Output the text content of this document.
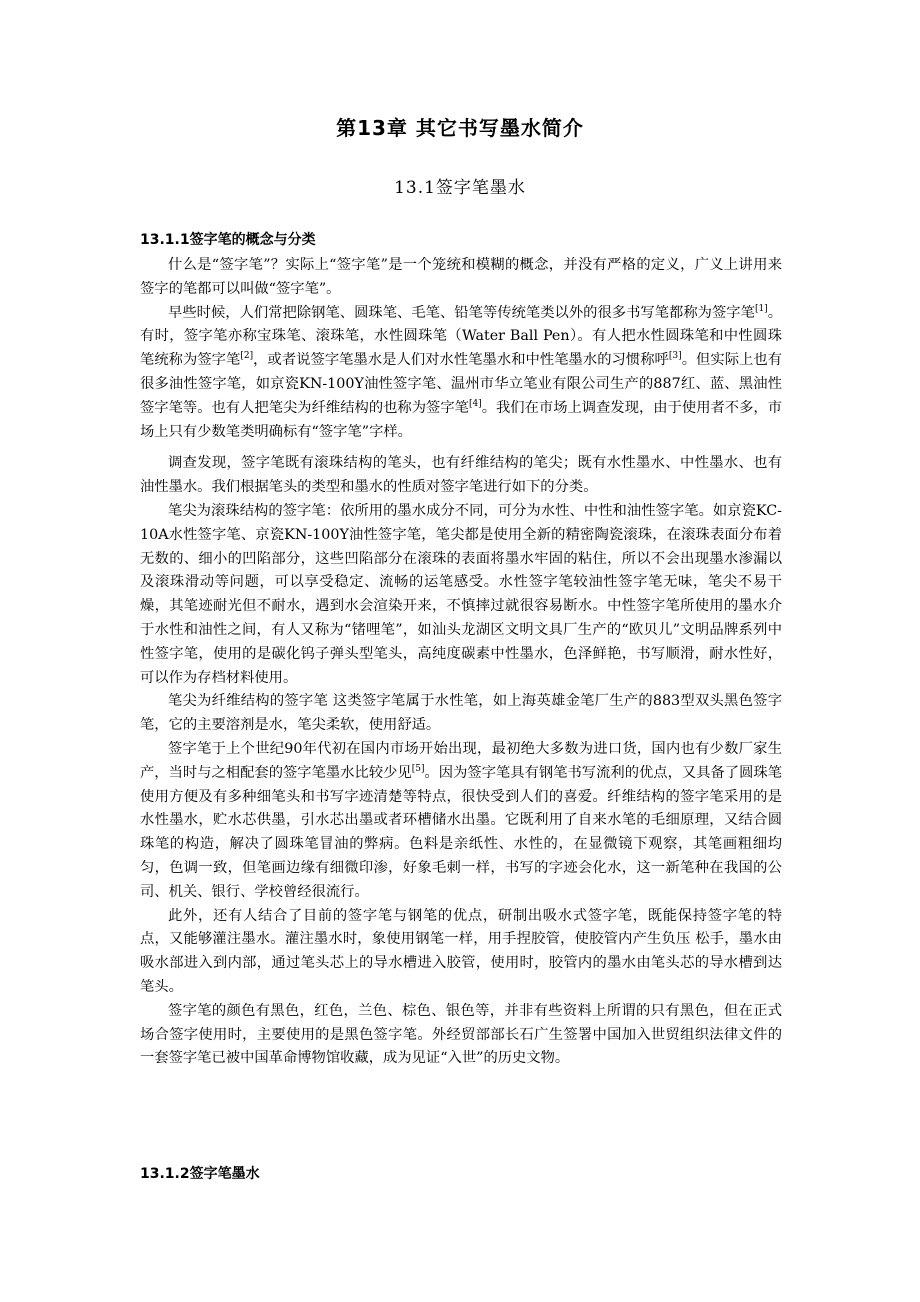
第13章 其它书写墨水简介
13.1签字笔墨水
13.1.1签字笔的概念与分类

什么是“签字笔”？实际上“签字笔”是一个笼统和模糊的概念，并没有严格的定义，广义上讲用来签字的笔都可以叫做“签字笔”。

早些时候，人们常把除钢笔、圆珠笔、毛笔、铅笔等传统笔类以外的很多书写笔都称为签字笔[1]。有时，签字笔亦称宝珠笔、滚珠笔，水性圆珠笔（Water Ball Pen）。有人把水性圆珠笔和中性圆珠笔统称为签字笔[2]，或者说签字笔墨水是人们对水性笔墨水和中性笔墨水的习惯称呼[3]。但实际上也有很多油性签字笔，如京瓷KN-100Y油性签字笔、温州市华立笔业有限公司生产的887红、蓝、黑油性签字笔等。也有人把笔尖为纤维结构的也称为签字笔[4]。我们在市场上调查发现，由于使用者不多，市场上只有少数笔类明确标有“签字笔”字样。

调查发现，签字笔既有滚珠结构的笔头，也有纤维结构的笔尖；既有水性墨水、中性墨水、也有油性墨水。我们根据笔头的类型和墨水的性质对签字笔进行如下的分类。

笔尖为滚珠结构的签字笔：依所用的墨水成分不同，可分为水性、中性和油性签字笔。如京瓷KC-10A水性签字笔、京瓷KN-100Y油性签字笔，笔尖都是使用全新的精密陶瓷滚珠，在滚珠表面分布着无数的、细小的凹陷部分，这些凹陷部分在滚珠的表面将墨水牢固的粘住，所以不会出现墨水渗漏以及滚珠滑动等问题，可以享受稳定、流畅的运笔感受。水性签字笔较油性签字笔无味，笔尖不易干燥，其笔迹耐光但不耐水，遇到水会渲染开来，不慎摔过就很容易断水。中性签字笔所使用的墨水介于水性和油性之间，有人又称为“锗哩笔”，如汕头龙湖区文明文具厂生产的“欧贝儿”文明品牌系列中性签字笔，使用的是碳化钨子弹头型笔头，高纯度碳素中性墨水，色泽鲜艳，书写顺滑，耐水性好，可以作为存档材料使用。

笔尖为纤维结构的签字笔 这类签字笔属于水性笔，如上海英雄金笔厂生产的883型双头黑色签字笔，它的主要溶剂是水，笔尖柔软，使用舒适。

签字笔于上个世纪90年代初在国内市场开始出现，最初绝大多数为进口货，国内也有少数厂家生产，当时与之相配套的签字笔墨水比较少见[5]。因为签字笔具有钢笔书写流利的优点，又具备了圆珠笔使用方便及有多种细笔头和书写字迹清楚等特点，很快受到人们的喜爱。纤维结构的签字笔采用的是水性墨水，贮水芯供墨，引水芯出墨或者环槽储水出墨。它既利用了自来水笔的毛细原理，又结合圆珠笔的构造，解决了圆珠笔冒油的弊病。色料是亲纸性、水性的，在显微镜下观察，其笔画粗细均匀，色调一致，但笔画边缘有细微印渗，好象毛刺一样，书写的字迹会化水，这一新笔种在我国的公司、机关、银行、学校曾经很流行。

此外，还有人结合了目前的签字笔与钢笔的优点，研制出吸水式签字笔，既能保持签字笔的特点，又能够灌注墨水。灌注墨水时，象使用钢笔一样，用手捏胶管，使胶管内产生负压 松手，墨水由吸水部进入到内部，通过笔头芯上的导水槽进入胶管，使用时，胶管内的墨水由笔头芯的导水槽到达笔头。

签字笔的颜色有黑色，红色，兰色、棕色、银色等，并非有些资料上所谓的只有黑色，但在正式场合签字使用时，主要使用的是黑色签字笔。外经贸部部长石广生签署中国加入世贸组织法律文件的一套签字笔已被中国革命博物馆收藏，成为见证“入世”的历史文物。

13.1.2签字笔墨水
